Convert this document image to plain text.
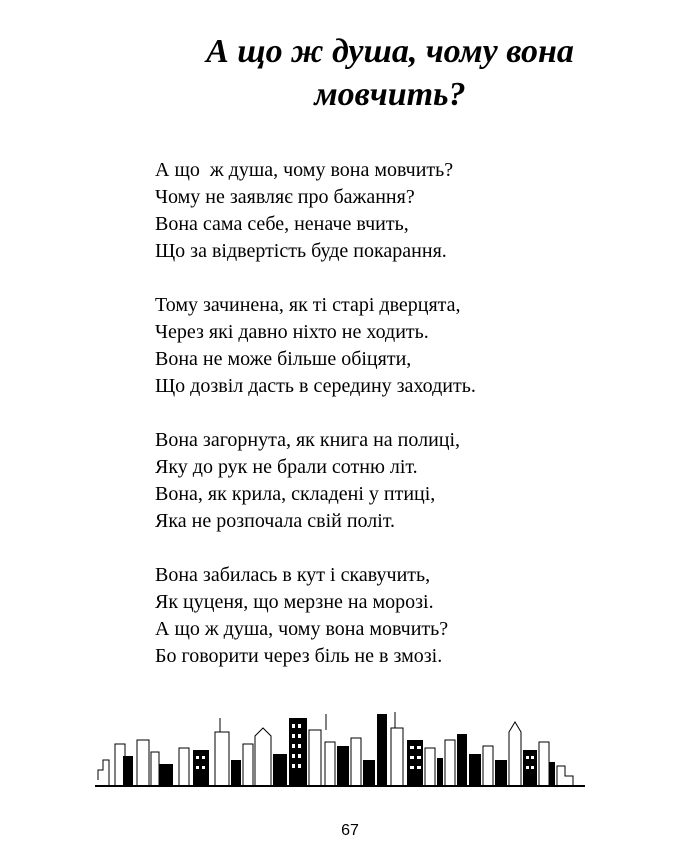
А що ж душа, чому вона
мовчить?
А що  ж душа, чому вона мовчить?
Чому не заявляє про бажання?
Вона сама себе, неначе вчить,
Що за відвертість буде покарання.
Тому зачинена, як ті старі дверцята,
Через які давно ніхто не ходить.
Вона не може більше обіцяти,
Що дозвіл дасть в середину заходить.
Вона загорнута, як книга на полиці,
Яку до рук не брали сотню літ.
Вона, як крила, складені у птиці,
Яка не розпочала свій політ.
Вона забилась в кут і скавучить,
Як цуценя, що мерзне на морозі.
А що ж душа, чому вона мовчить?
Бо говорити через біль не в змозі.
67
